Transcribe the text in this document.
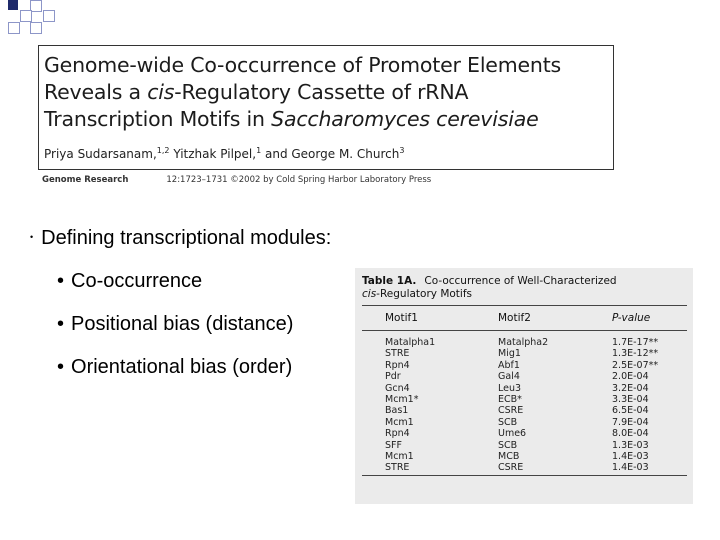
Genome-wide Co-occurrence of Promoter Elements
Reveals a cis-Regulatory Cassette of rRNA
Transcription Motifs in Saccharomyces cerevisiae
Priya Sudarsanam,$^{1,2}$ Yitzhak Pilpel,$^1$ and George M. Church$^3$
Genome Research	12:1723–1731 ©2002 by Cold Spring Harbor Laboratory Press
• Defining transcriptional modules:
• Co-occurrence
• Positional bias (distance)
• Orientational bias (order)
Table 1A. Co-occurrence of Well-Characterized
cis-Regulatory Motifs
Motif1	Motif2	P-value
Matalpha1	Matalpha2	1.7E-17**
STRE	Mig1	1.3E-12**
Rpn4	Abf1	2.5E-07**
Pdr	Gal4	2.0E-04
Gcn4	Leu3	3.2E-04
Mcm1*	ECB*	3.3E-04
Bas1	CSRE	6.5E-04
Mcm1	SCB	7.9E-04
Rpn4	Ume6	8.0E-04
SFF	SCB	1.3E-03
Mcm1	MCB	1.4E-03
STRE	CSRE	1.4E-03
